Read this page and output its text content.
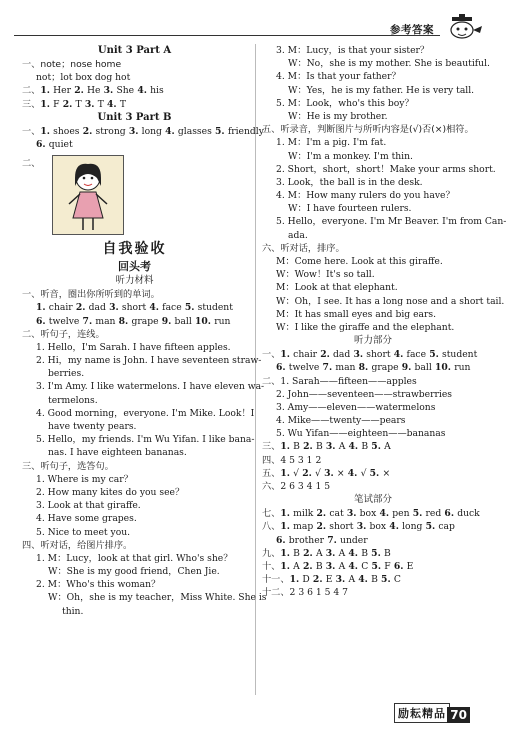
参考答案
Unit 3 Part A
一、note；nose home
not；lot box dog hot
二、1. Her 2. He 3. She 4. his
三、1. F 2. T 3. T 4. T
Unit 3 Part B
一、1. shoes 2. strong 3. long 4. glasses 5. friendly
6. quiet
二、
自我验收
回头考
听力材料
一、听音，圈出你所听到的单词。
1. chair 2. dad 3. short 4. face 5. student
6. twelve 7. man 8. grape 9. ball 10. run
二、听句子，连线。
1. Hello，I'm Sarah. I have fifteen apples.
2. Hi，my name is John. I have seventeen straw-
berries.
3. I'm Amy. I like watermelons. I have eleven wa-
termelons.
4. Good morning，everyone. I'm Mike. Look！I
have twenty pears.
5. Hello，my friends. I'm Wu Yifan. I like bana-
nas. I have eighteen bananas.
三、听句子，选答句。
1. Where is my car？
2. How many kites do you see？
3. Look at that giraffe.
4. Have some grapes.
5. Nice to meet you.
四、听对话，给图片排序。
1. M：Lucy，look at that girl. Who's she？
W：She is my good friend，Chen Jie.
2. M：Who's this woman？
W：Oh，she is my teacher，Miss White. She is
thin.
3. M：Lucy，is that your sister？
W：No，she is my mother. She is beautiful.
4. M：Is that your father？
W：Yes，he is my father. He is very tall.
5. M：Look，who's this boy？
W：He is my brother.
五、听录音，判断图片与所听内容是(√)否(×)相符。
1. M：I'm a pig. I'm fat.
W：I'm a monkey. I'm thin.
2. Short，short，short！Make your arms short.
3. Look，the ball is in the desk.
4. M：How many rulers do you have？
W：I have fourteen rulers.
5. Hello，everyone. I'm Mr Beaver. I'm from Can-
ada.
六、听对话，排序。
M：Come here. Look at this giraffe.
W：Wow！It's so tall.
M：Look at that elephant.
W：Oh，I see. It has a long nose and a short tail.
M：It has small eyes and big ears.
W：I like the giraffe and the elephant.
听力部分
一、1. chair 2. dad 3. short 4. face 5. student
6. twelve 7. man 8. grape 9. ball 10. run
二、1. Sarah——fifteen——apples
2. John——seventeen——strawberries
3. Amy——eleven——watermelons
4. Mike——twenty——pears
5. Wu Yifan——eighteen——bananas
三、1. B 2. B 3. A 4. B 5. A
四、4 5 3 1 2
五、1. √ 2. √ 3. × 4. √ 5. ×
六、2 6 3 4 1 5
笔试部分
七、1. milk 2. cat 3. box 4. pen 5. red 6. duck
八、1. map 2. short 3. box 4. long 5. cap
6. brother 7. under
九、1. B 2. A 3. A 4. B 5. B
十、1. A 2. B 3. A 4. C 5. F 6. E
十一、1. D 2. E 3. A 4. B 5. C
十二、2 3 6 1 5 4 7
励耘精品 70
